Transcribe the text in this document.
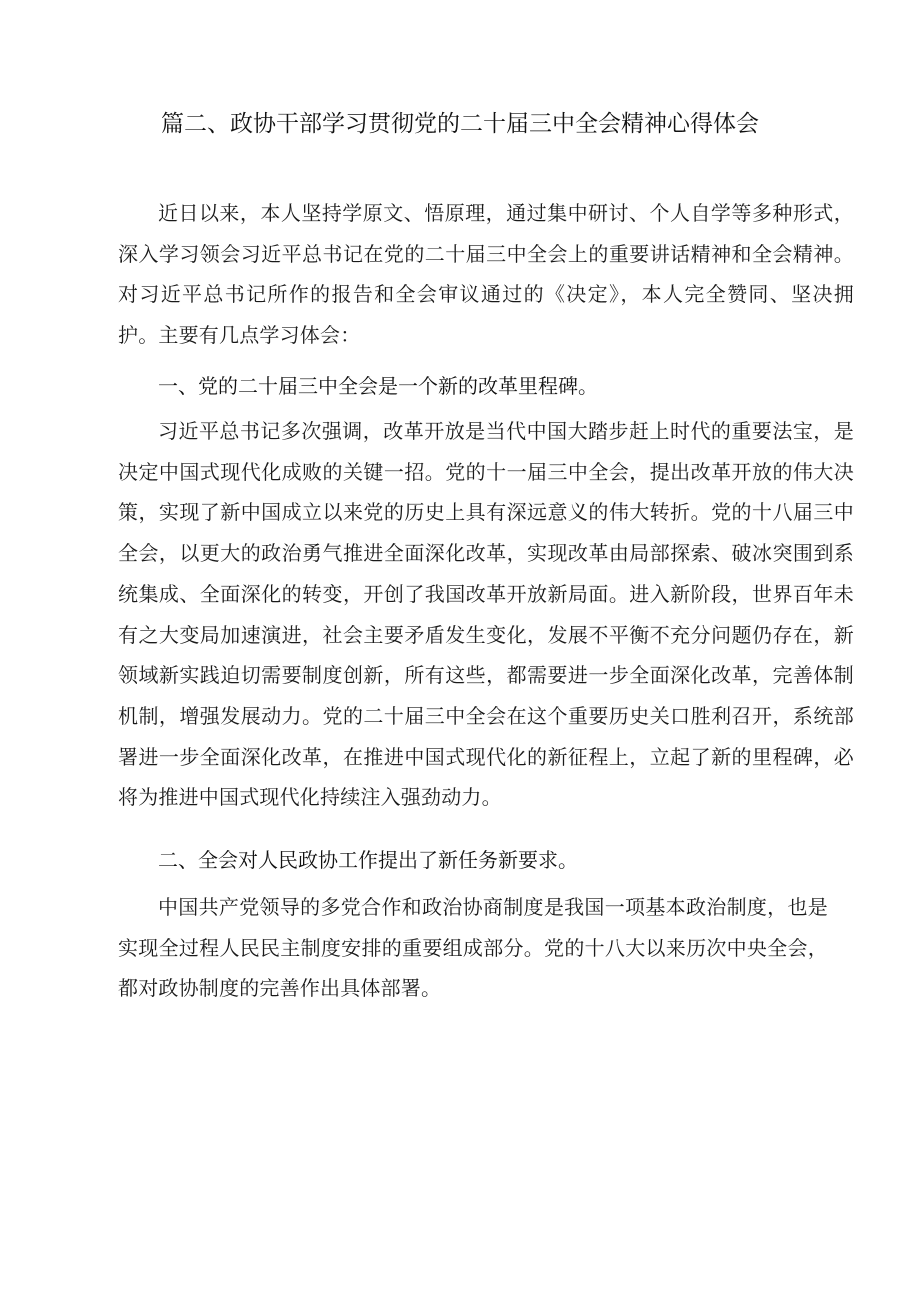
篇二、政协干部学习贯彻党的二十届三中全会精神心得体会

近日以来，本人坚持学原文、悟原理，通过集中研讨、个人自学等多种形式，深入学习领会习近平总书记在党的二十届三中全会上的重要讲话精神和全会精神。对习近平总书记所作的报告和全会审议通过的《决定》，本人完全赞同、坚决拥护。主要有几点学习体会：

一、党的二十届三中全会是一个新的改革里程碑。

习近平总书记多次强调，改革开放是当代中国大踏步赶上时代的重要法宝，是决定中国式现代化成败的关键一招。党的十一届三中全会，提出改革开放的伟大决策，实现了新中国成立以来党的历史上具有深远意义的伟大转折。党的十八届三中全会，以更大的政治勇气推进全面深化改革，实现改革由局部探索、破冰突围到系统集成、全面深化的转变，开创了我国改革开放新局面。进入新阶段，世界百年未有之大变局加速演进，社会主要矛盾发生变化，发展不平衡不充分问题仍存在，新领域新实践迫切需要制度创新，所有这些，都需要进一步全面深化改革，完善体制机制，增强发展动力。党的二十届三中全会在这个重要历史关口胜利召开，系统部署进一步全面深化改革，在推进中国式现代化的新征程上，立起了新的里程碑，必将为推进中国式现代化持续注入强劲动力。

二、全会对人民政协工作提出了新任务新要求。

中国共产党领导的多党合作和政治协商制度是我国一项基本政治制度，也是实现全过程人民民主制度安排的重要组成部分。党的十八大以来历次中央全会，都对政协制度的完善作出具体部署。
